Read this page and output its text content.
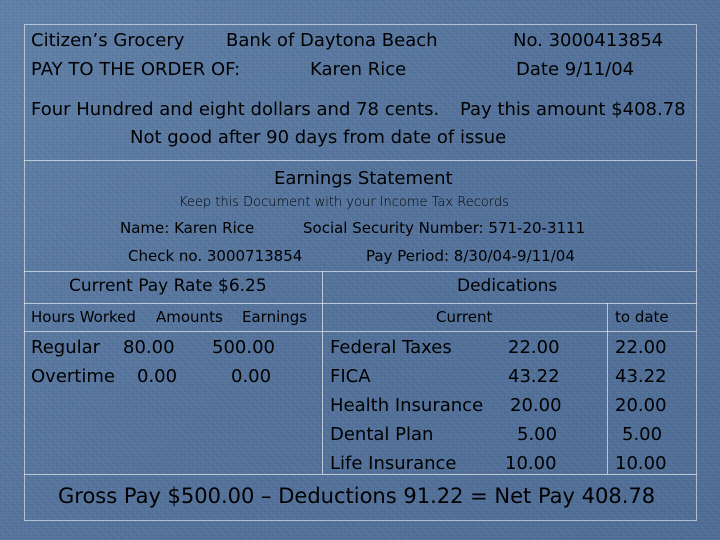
Citizen’s Grocery Bank of Daytona Beach	No. 3000413854
PAY TO THE ORDER OF:	Karen Rice	Date 9/11/04
Four Hundred and eight dollars and 78 cents. Pay this amount $408.78
Not good after 90 days from date of issue
Earnings Statement
Keep this Document with your Income Tax Records
Name: Karen Rice	Social Security Number: 571-20-3111
Check no. 3000713854	Pay Period: 8/30/04-9/11/04
Current Pay Rate $6.25	Dedications
Hours Worked Amounts Earnings	Current	to date
Regular 80.00 500.00
Overtime 0.00	0.00
Federal Taxes	22.00	22.00
FICA	43.22	43.22
Health Insurance 20.00	20.00
Dental Plan	5.00	5.00
Life Insurance	10.00	10.00
Gross Pay $500.00 – Deductions 91.22 = Net Pay 408.78
